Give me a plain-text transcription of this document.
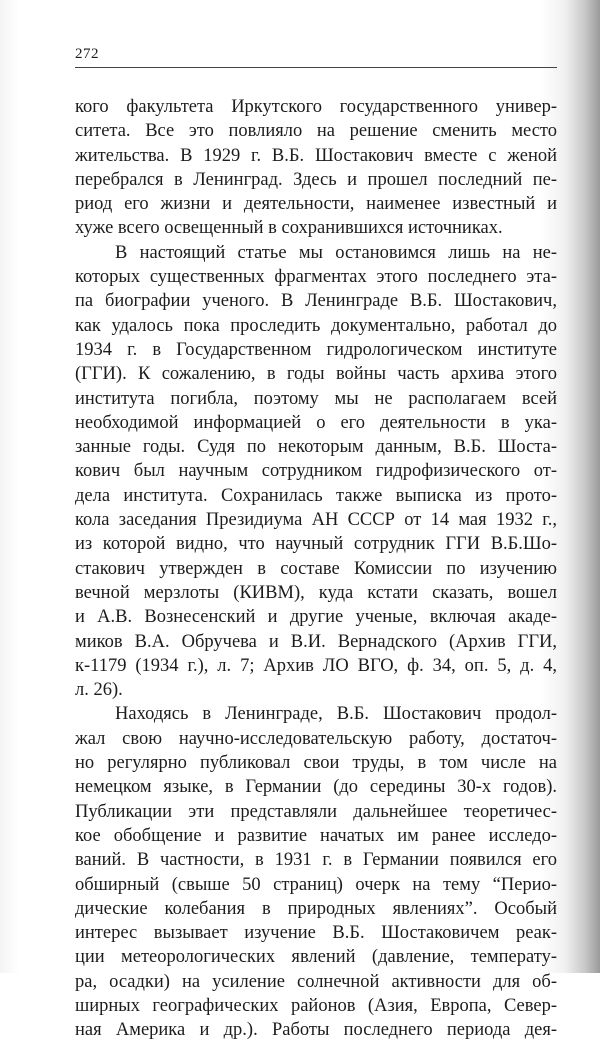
272
кого факультета Иркутского государственного универ-
ситета. Все это повлияло на решение сменить место
жительства. В 1929 г. В.Б. Шостакович вместе с женой
перебрался в Ленинград. Здесь и прошел последний пе-
риод его жизни и деятельности, наименее известный и
хуже всего освещенный в сохранившихся источниках.
В настоящий статье мы остановимся лишь на не-
которых существенных фрагментах этого последнего эта-
па биографии ученого. В Ленинграде В.Б. Шостакович,
как удалось пока проследить документально, работал до
1934 г. в Государственном гидрологическом институте
(ГГИ). К сожалению, в годы войны часть архива этого
института погибла, поэтому мы не располагаем всей
необходимой информацией о его деятельности в ука-
занные годы. Судя по некоторым данным, В.Б. Шоста-
кович был научным сотрудником гидрофизического от-
дела института. Сохранилась также выписка из прото-
кола заседания Президиума АН СССР от 14 мая 1932 г.,
из которой видно, что научный сотрудник ГГИ В.Б.Шо-
стакович утвержден в составе Комиссии по изучению
вечной мерзлоты (КИВМ), куда кстати сказать, вошел
и А.В. Вознесенский и другие ученые, включая акаде-
миков В.А. Обручева и В.И. Вернадского (Архив ГГИ,
к-1179 (1934 г.), л. 7; Архив ЛО ВГО, ф. 34, оп. 5, д. 4,
л. 26).
Находясь в Ленинграде, В.Б. Шостакович продол-
жал свою научно-исследовательскую работу, достаточ-
но регулярно публиковал свои труды, в том числе на
немецком языке, в Германии (до середины 30-х годов).
Публикации эти представляли дальнейшее теоретичес-
кое обобщение и развитие начатых им ранее исследо-
ваний. В частности, в 1931 г. в Германии появился его
обширный (свыше 50 страниц) очерк на тему “Перио-
дические колебания в природных явлениях”. Особый
интерес вызывает изучение В.Б. Шостаковичем реак-
ции метеорологических явлений (давление, температу-
ра, осадки) на усиление солнечной активности для об-
ширных географических районов (Азия, Европа, Север-
ная Америка и др.). Работы последнего периода дея-
